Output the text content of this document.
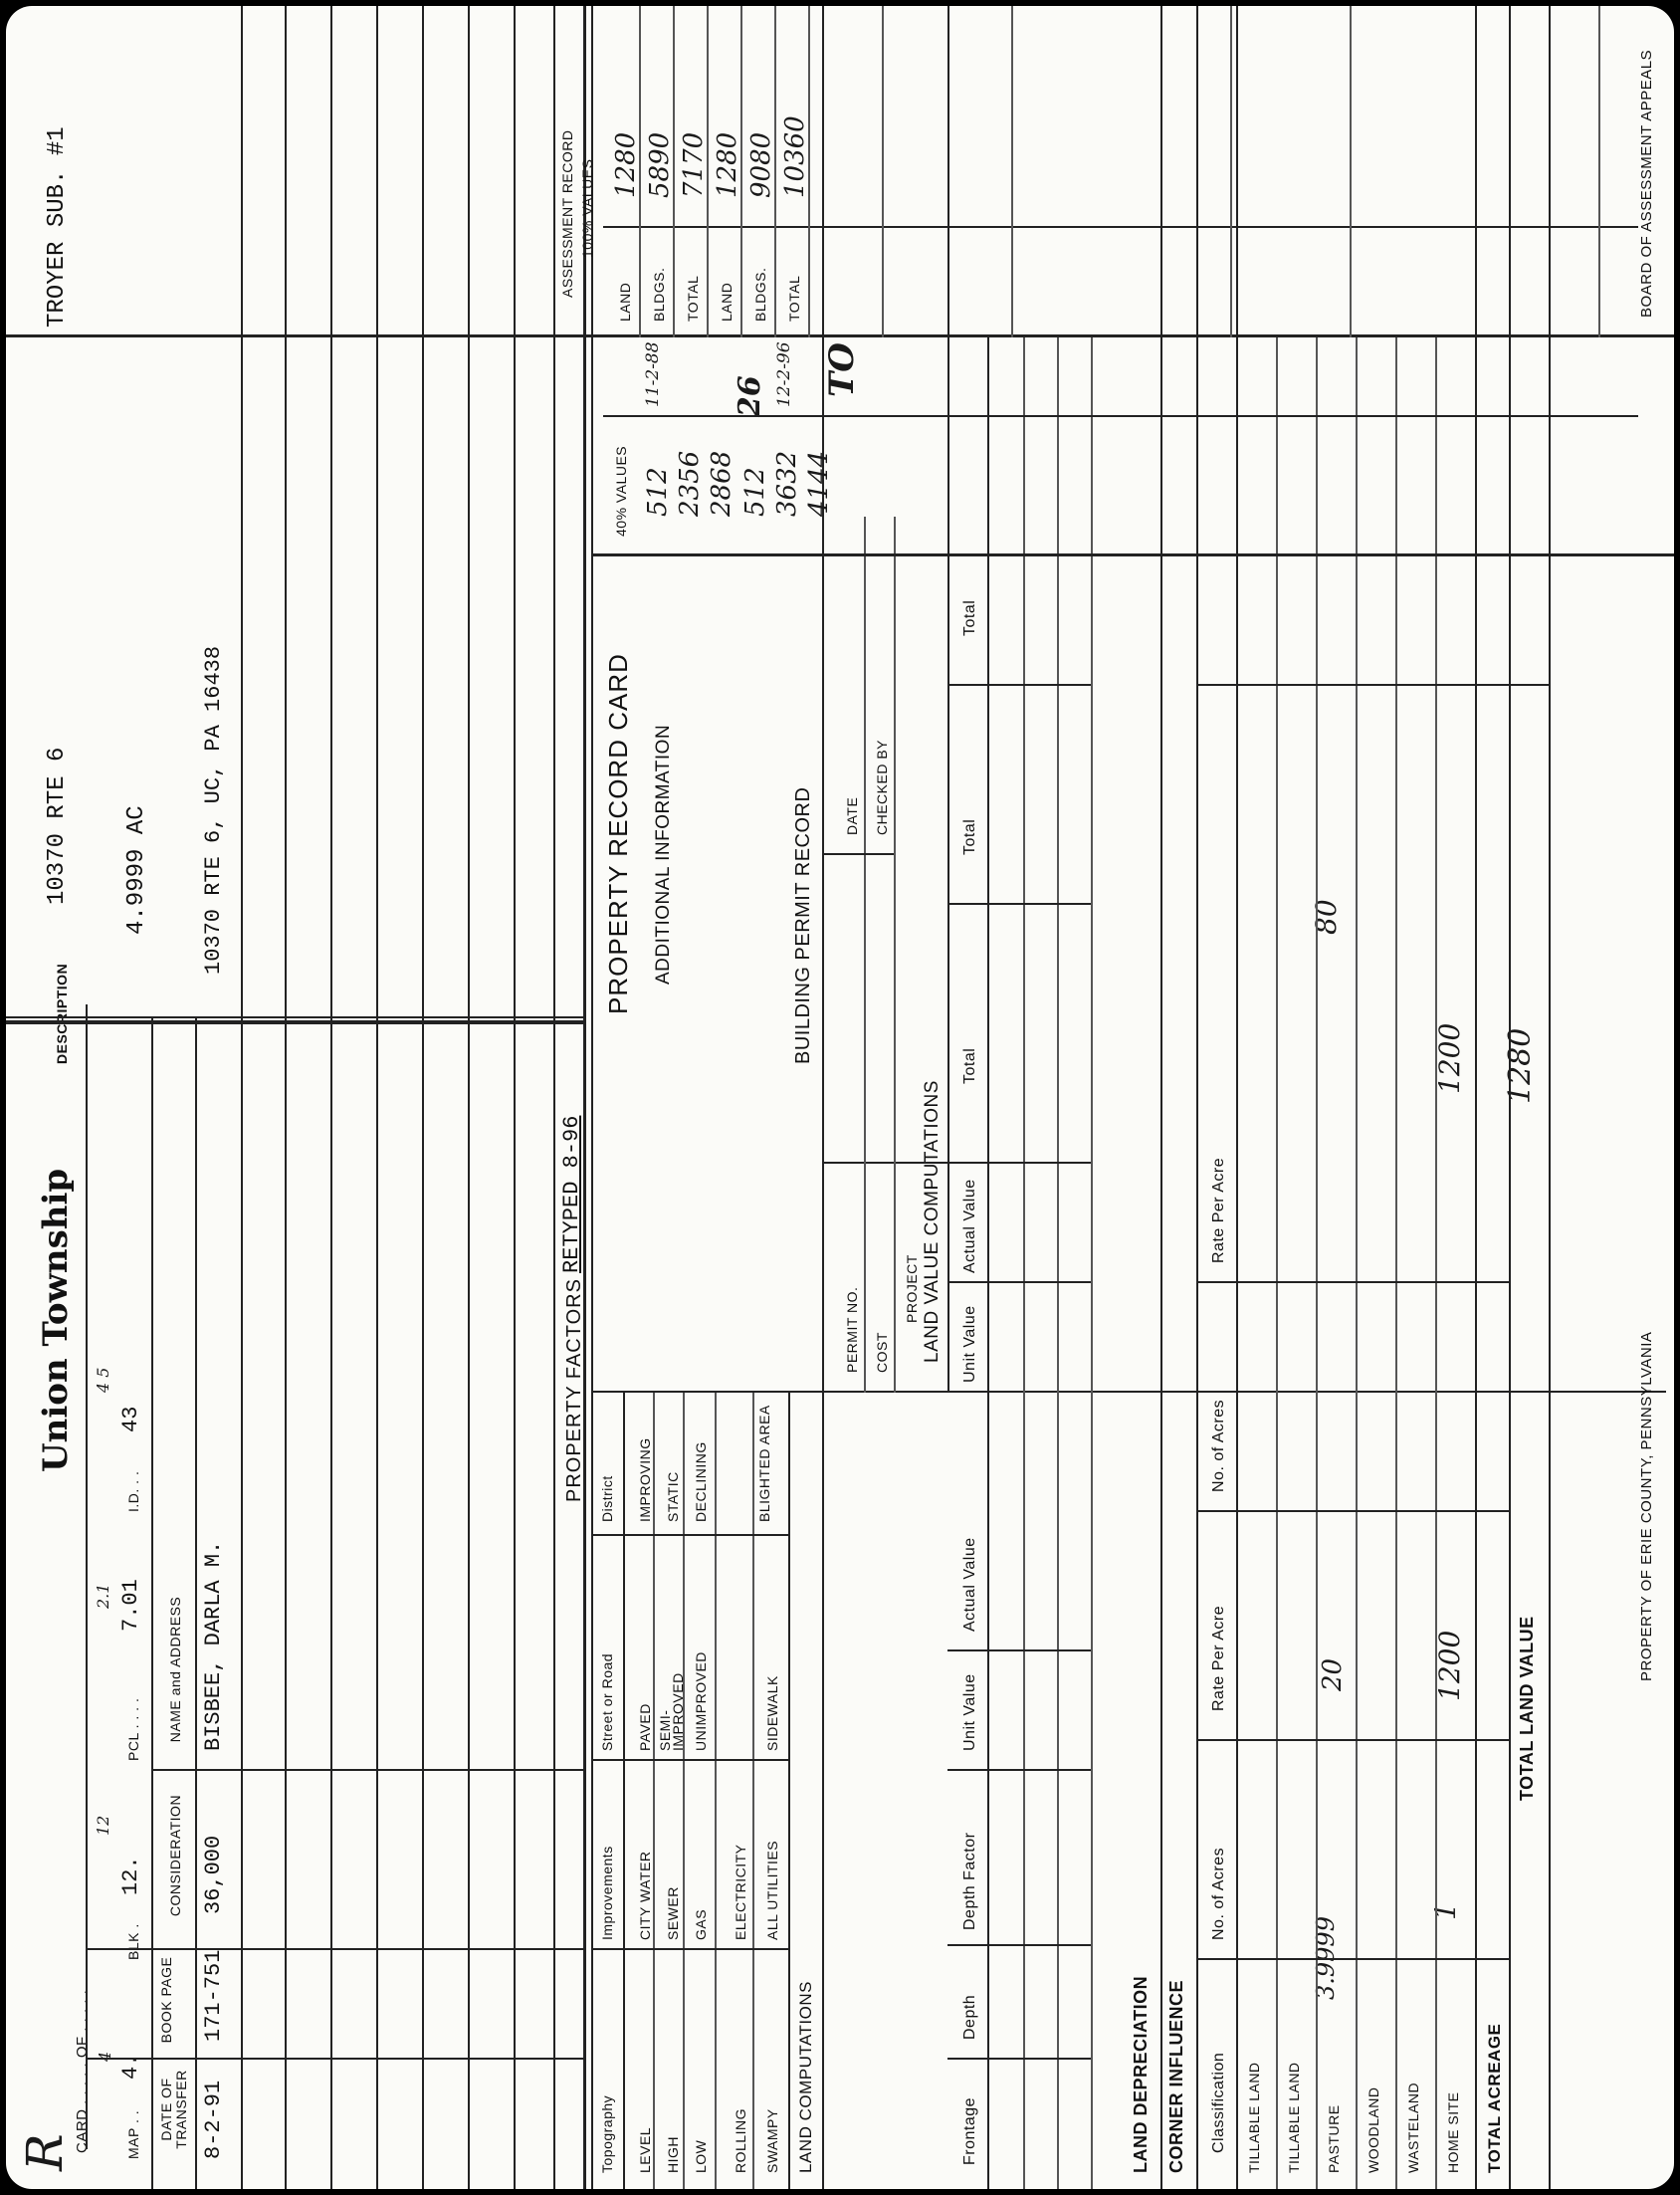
R CARD . . . . . OF . . . . .
Union Township
DESCRIPTION
10370 RTE 6
TROYER SUB. #1
MAP . .
4.
4
BLK .
12.
12
PCL . . . .
7.01
2.1
I.D. . .
43
4 5
4.9999 AC
DATE OF TRANSFER
BOOK PAGE
CONSIDERATION
NAME and ADDRESS
8-2-91
171-751
36,000
BISBEE, DARLA M.
10370 RTE 6, UC, PA 16438
PROPERTY FACTORS
RETYPED 8-96
Topography
Improvements
Street or Road
District
LEVEL
CITY WATER
PAVED
IMPROVING
HIGH
SEWER
SEMI-IMPROVED
STATIC
LOW
GAS
UNIMPROVED
DECLINING
ROLLING
ELECTRICITY
SWAMPY
ALL UTILITIES
SIDEWALK
BLIGHTED AREA
LAND COMPUTATIONS
LAND VALUE COMPUTATIONS
Frontage
Depth
Depth Factor
Unit Value
Actual Value
Unit Value
Actual Value
Total
Total
Total
LAND DEPRECIATION CORNER INFLUENCE Classification
No. of Acres
Rate Per Acre
No. of Acres
Rate Per Acre
TILLABLE LAND TILLABLE LAND PASTURE
3.9999
20
80
WOODLAND WASTELAND HOME SITE
1
1200
1200
TOTAL ACREAGE
TOTAL LAND VALUE
1280
PROPERTY RECORD CARD ADDITIONAL INFORMATION	BUILDING PERMIT RECORD
PERMIT NO. COST
PROJECT
DATE CHECKED BY
40% VALUES 512 2356 2868 512 3632 4144
11-2-88 26 12-2-96 TO
ASSESSMENT RECORD 100% VALUES
LAND BLDGS. TOTAL LAND BLDGS. TOTAL
1280 5890 7170 1280 9080 10360
PROPERTY OF ERIE COUNTY, PENNSYLVANIA
BOARD OF ASSESSMENT APPEALS
